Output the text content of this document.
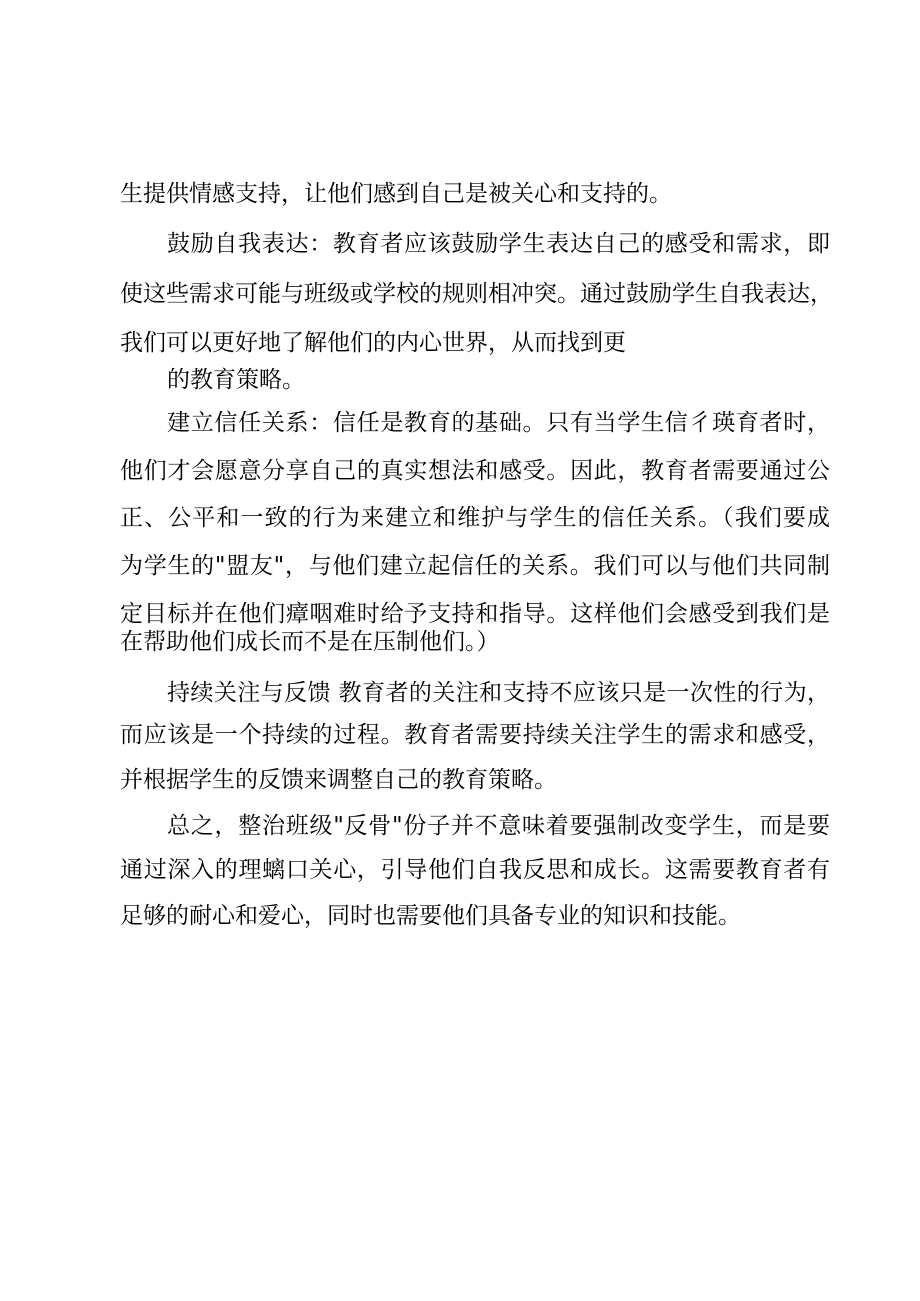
生提供情感支持，让他们感到自己是被关心和支持的。
鼓励自我表达：教育者应该鼓励学生表达自己的感受和需求，即
使这些需求可能与班级或学校的规则相冲突。通过鼓励学生自我表达，
我们可以更好地了解他们的内心世界，从而找到更
的教育策略。
建立信任关系：信任是教育的基础。只有当学生信彳瑛育者时，
他们才会愿意分享自己的真实想法和感受。因此，教育者需要通过公
正、公平和一致的行为来建立和维护与学生的信任关系。（我们要成
为学生的"盟友"，与他们建立起信任的关系。我们可以与他们共同制
定目标并在他们瘴咽难时给予支持和指导。这样他们会感受到我们是
在帮助他们成长而不是在压制他们。）
持续关注与反馈 教育者的关注和支持不应该只是一次性的行为，
而应该是一个持续的过程。教育者需要持续关注学生的需求和感受，
并根据学生的反馈来调整自己的教育策略。
总之，整治班级"反骨"份子并不意味着要强制改变学生，而是要
通过深入的理螭口关心，引导他们自我反思和成长。这需要教育者有
足够的耐心和爱心，同时也需要他们具备专业的知识和技能。
